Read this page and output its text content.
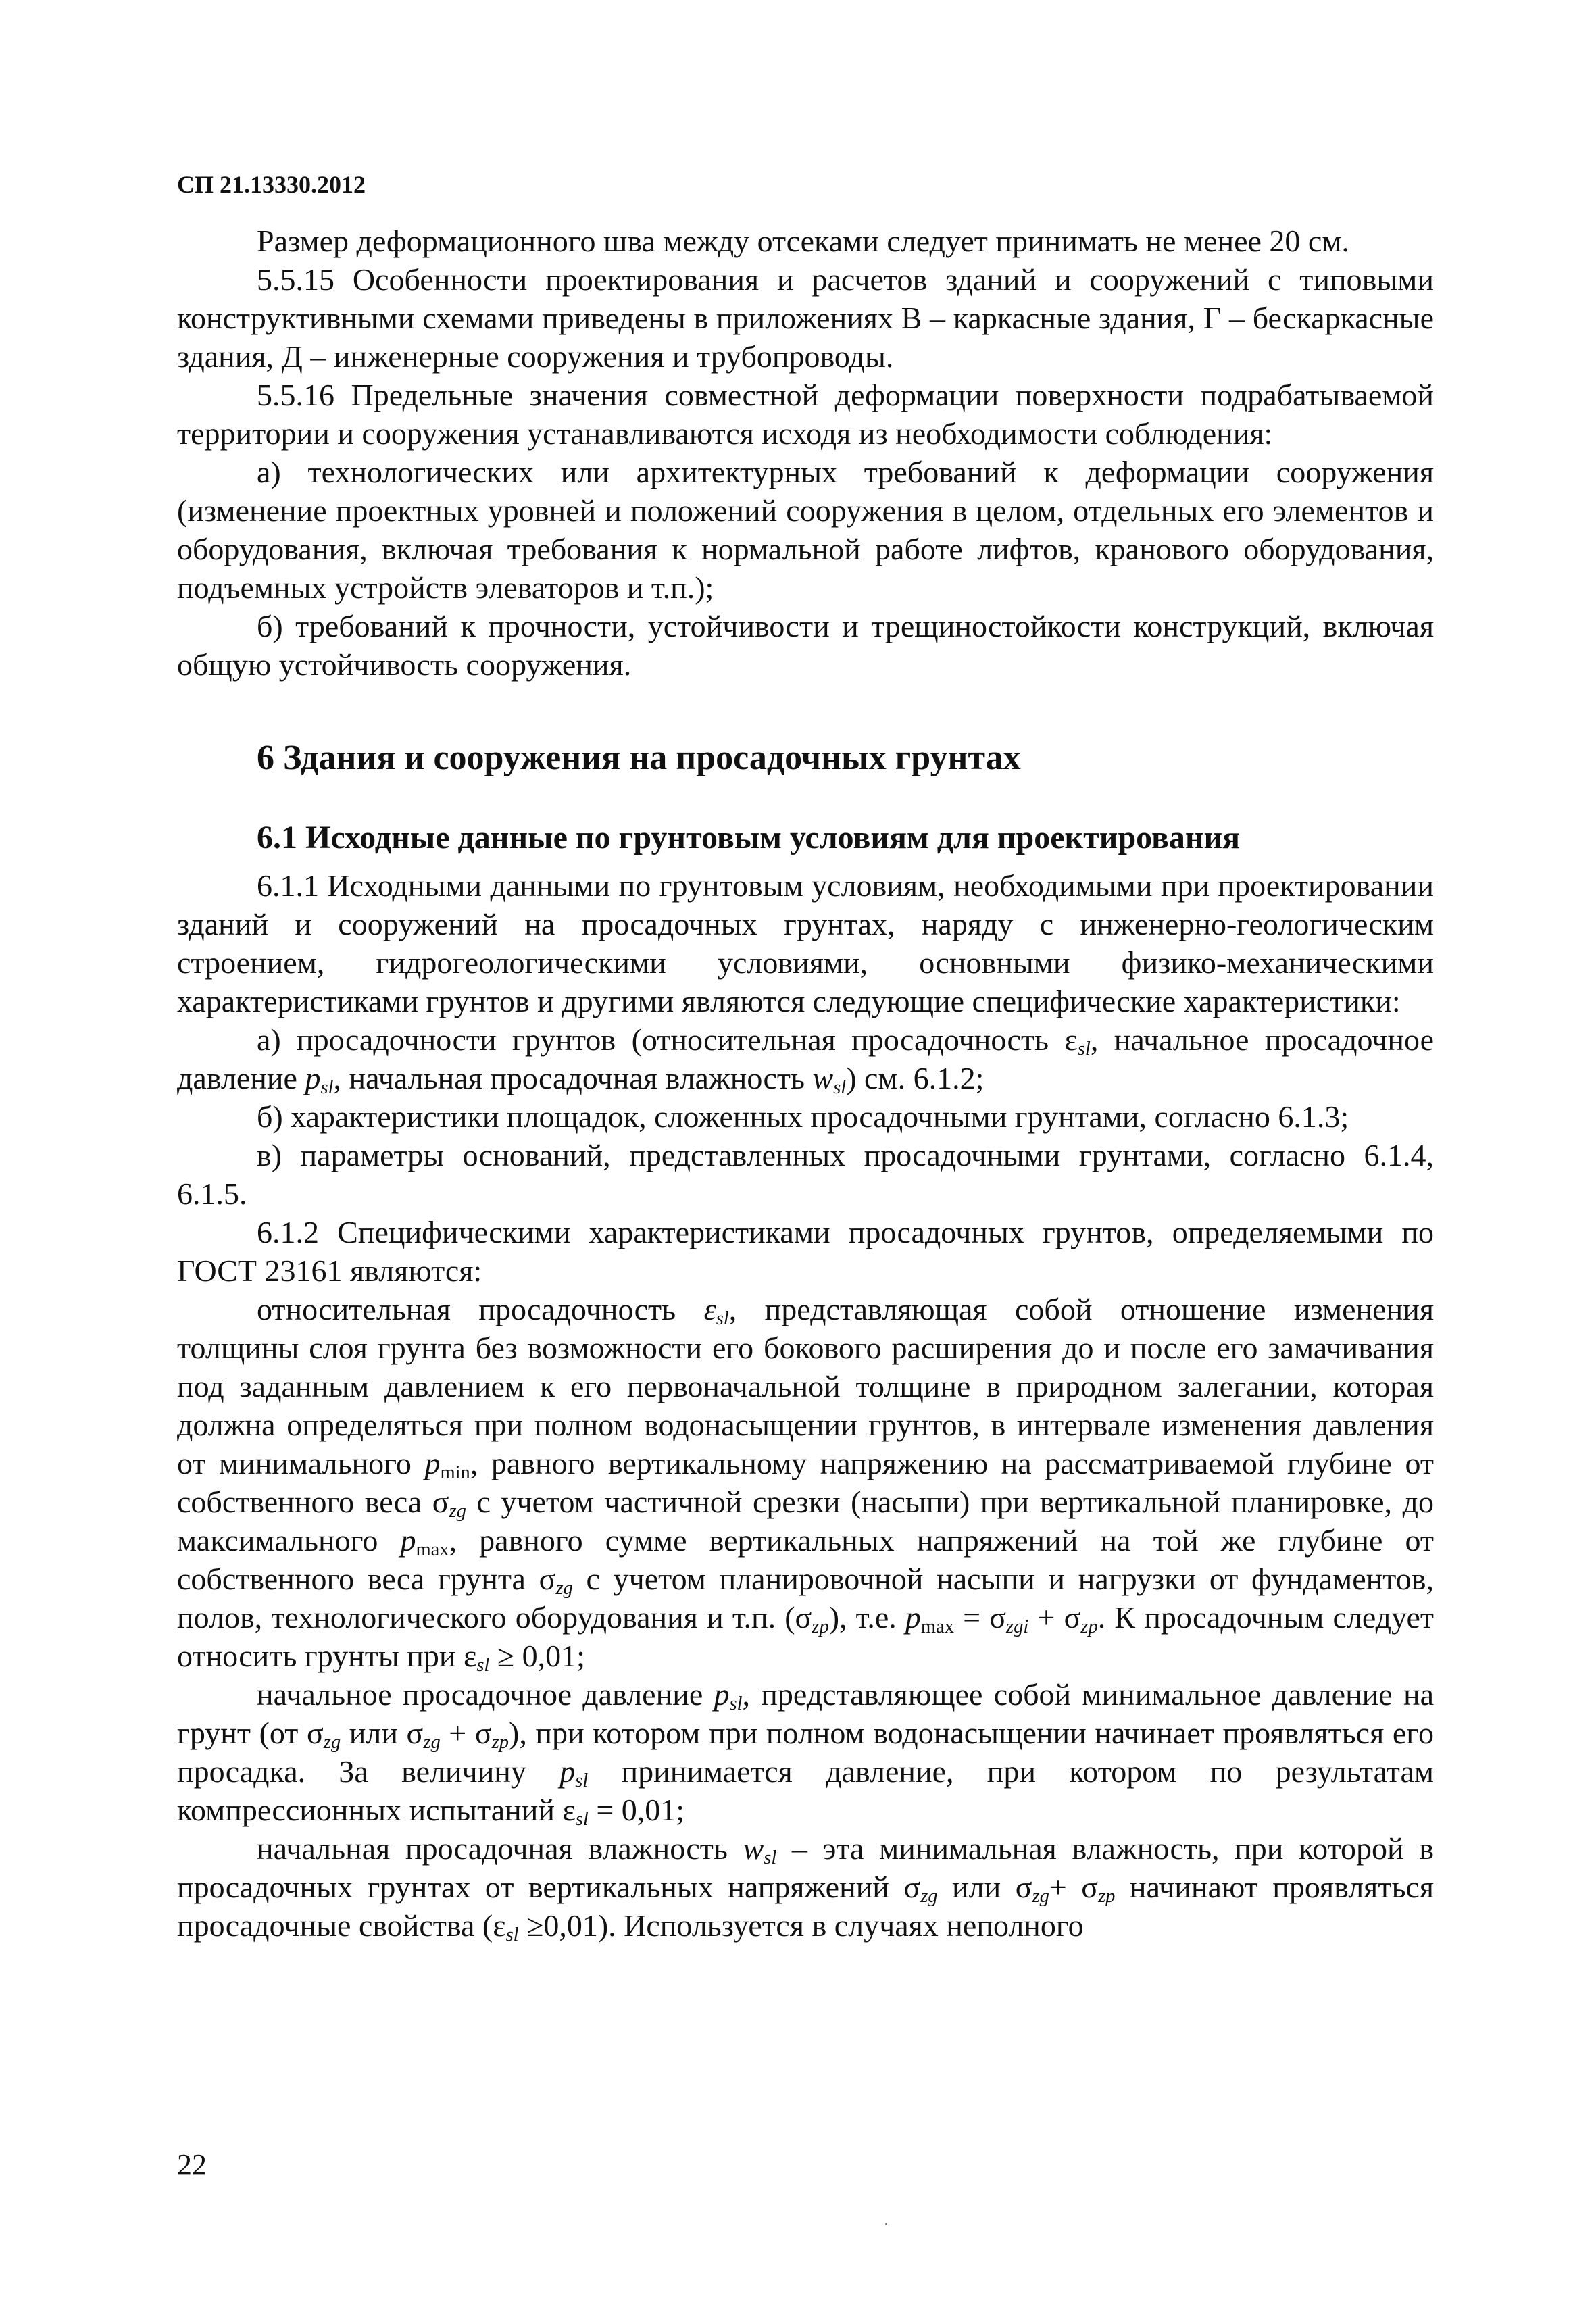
СП 21.13330.2012

Размер деформационного шва между отсеками следует принимать не менее 20 см.

5.5.15 Особенности проектирования и расчетов зданий и сооружений с типовыми конструктивными схемами приведены в приложениях В – каркасные здания, Г – бескаркасные здания, Д – инженерные сооружения и трубопроводы.

5.5.16 Предельные значения совместной деформации поверхности подрабатываемой территории и сооружения устанавливаются исходя из необходимости соблюдения:

а) технологических или архитектурных требований к деформации сооружения (изменение проектных уровней и положений сооружения в целом, отдельных его элементов и оборудования, включая требования к нормальной работе лифтов, кранового оборудования, подъемных устройств элеваторов и т.п.);

б) требований к прочности, устойчивости и трещиностойкости конструкций, включая общую устойчивость сооружения.

6 Здания и сооружения на просадочных грунтах
6.1 Исходные данные по грунтовым условиям для проектирования

6.1.1 Исходными данными по грунтовым условиям, необходимыми при проектировании зданий и сооружений на просадочных грунтах, наряду с инженерно-геологическим строением, гидрогеологическими условиями, основными физико-механическими характеристиками грунтов и другими являются следующие специфические характеристики:

а) просадочности грунтов (относительная просадочность $\varepsilon_{sl}$, начальное просадочное давление $p_{sl}$, начальная просадочная влажность $w_{sl}$) см. 6.1.2;

б) характеристики площадок, сложенных просадочными грунтами, согласно 6.1.3;

в) параметры оснований, представленных просадочными грунтами, согласно 6.1.4, 6.1.5.

6.1.2 Специфическими характеристиками просадочных грунтов, определяемыми по ГОСТ 23161 являются:

относительная просадочность $\varepsilon_{sl}$, представляющая собой отношение изменения толщины слоя грунта без возможности его бокового расширения до и после его замачивания под заданным давлением к его первоначальной толщине в природном залегании, которая должна определяться при полном водонасыщении грунтов, в интервале изменения давления от минимального $p_{min}$, равного вертикальному напряжению на рассматриваемой глубине от собственного веса $\sigma_{zg}$ с учетом частичной срезки (насыпи) при вертикальной планировке, до максимального $p_{max}$, равного сумме вертикальных напряжений на той же глубине от собственного веса грунта $\sigma_{zg}$ с учетом планировочной насыпи и нагрузки от фундаментов, полов, технологического оборудования и т.п. $(\sigma_{zp})$, т.е. $p_{max} = \sigma_{zgi} + \sigma_{zp}$. К просадочным следует относить грунты при $\varepsilon_{sl} \ge 0,01$;

начальное просадочное давление $p_{sl}$, представляющее собой минимальное давление на грунт (от $\sigma_{zg}$ или $\sigma_{zg} + \sigma_{zp}$), при котором при полном водонасыщении начинает проявляться его просадка. За величину $p_{sl}$ принимается давление, при котором по результатам компрессионных испытаний $\varepsilon_{sl} = 0,01$;

начальная просадочная влажность $w_{sl}$ – эта минимальная влажность, при которой в просадочных грунтах от вертикальных напряжений $\sigma_{zg}$ или $\sigma_{zg}+ \sigma_{zp}$ начинают проявляться просадочные свойства $(\varepsilon_{sl} \ge 0,01)$. Используется в случаях неполного

22
